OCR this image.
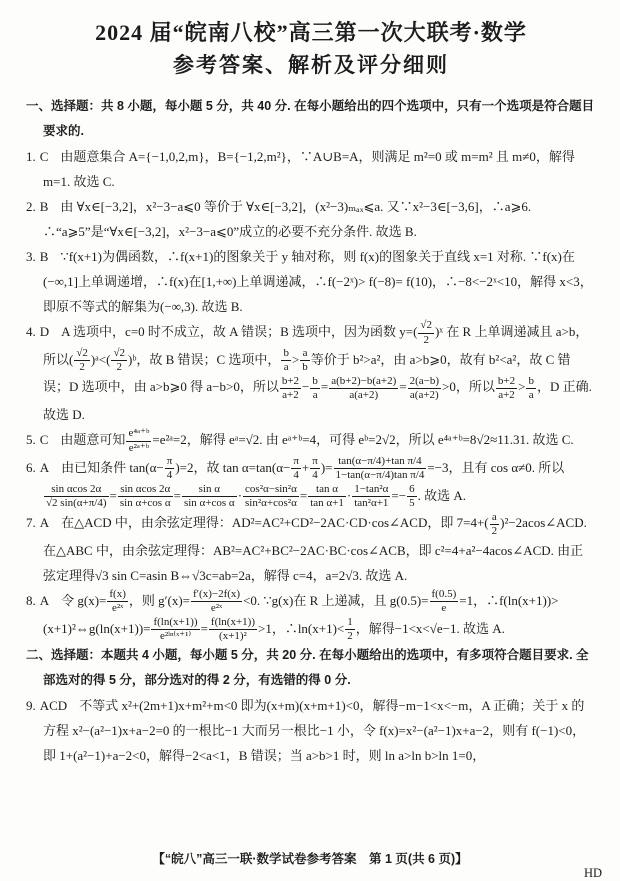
2024 届“皖南八校”高三第一次大联考·数学
参考答案、解析及评分细则
一、选择题：共 8 小题，每小题 5 分，共 40 分. 在每小题给出的四个选项中，只有一个选项是符合题目要求的.
1. C 由题意集合 A={−1,0,2,m}，B={−1,2,m²}，∵A∪B=A，则满足 m²=0 或 m=m² 且 m≠0，解得 m=1. 故选 C.
2. B 由 ∀x∈[−3,2]，x²−3−a⩽0 等价于 ∀x∈[−3,2]，(x²−3)ₘₐₓ⩽a. 又∵x²−3∈[−3,6]，∴a⩾6. ∴“a⩾5”是“∀x∈[−3,2]，x²−3−a⩽0”成立的必要不充分条件. 故选 B.
3. B ∵f(x+1)为偶函数，∴f(x+1)的图象关于 y 轴对称，则 f(x)的图象关于直线 x=1 对称. ∵f(x)在(−∞,1]上单调递增，∴f(x)在[1,+∞)上单调递减，∴f(−2ˣ)> f(−8)= f(10)，∴−8<−2ˣ<10，解得 x<3，即原不等式的解集为(−∞,3). 故选 B.
4. D A 选项中，c=0 时不成立，故 A 错误；B 选项中，因为函数 $y=( \frac{√2}{2}$ )ˣ 在 R 上单调递减且 a>b，所以( $\frac{√2}{2}$ )ᵃ<( $\frac{√2}{2}$ )ᵇ，故 B 错误；C 选项中， $\frac{b}{a} > \frac{a}{b}$ 等价于 b²>a²，由 a>b⩾0，故有 b²<a²，故 C 错误；D 选项中，由 a>b⩾0 得 a−b>0，所以 $\frac{b+2}{a+2} - \frac{b}{a} = \frac{a(b+2)-b(a+2)}{a(a+2)} = \frac{2(a-b)}{a(a+2)} >0$，所以 $\frac{b+2}{a+2} > \frac{b}{a}$ ，D 正确. 故选 D.
5. C 由题意可知 $\frac{\text{e⁴ᵃ⁺ᵇ}}{\text{e²ᵃ⁺ᵇ}}$ =e²ᵃ=2，解得 eᵃ=√2. 由 eᵃ⁺ᵇ=4，可得 eᵇ=2√2，所以 e⁴ᵃ⁺ᵇ=8√2≈11.31. 故选 C.
6. A 由已知条件 $\tan(\alpha- \frac{\pi}{4} )=2$，故 $\tan \alpha=\tan(\alpha- \frac{\pi}{4} + \frac{\pi}{4}$ )= $\frac{\text{tan(α−π/4)+tan π/4}}{\text{1−tan(α−π/4)tan π/4}} =-3$，且有 cos α≠0. 所以
$\frac{\text{sin αcos 2α}}{√2 \sin(\alpha+\pi/4)} = \frac{\text{sin αcos 2α}}{\text{sin α+cos α}} = \frac{\text{sin α}}{\text{sin α+cos α}} \cdot \frac{\text{cos²α−sin²α}}{\text{sin²α+cos²α}} = \frac{\text{tan α}}{\text{tan α+1}} \cdot \frac{\text{1−tan²α}}{\text{tan²α+1}} =- \frac{6}{5}$ . 故选 A.
7. A 在△ACD 中，由余弦定理得：AD²=AC²+CD²−2AC·CD·cos∠ACD，即 $7=4+( \frac{a}{2}$ )²−2acos∠ACD. 在△ABC 中，由余弦定理得：AB²=AC²+BC²−2AC·BC·cos∠ACB，即 c²=4+a²−4acos∠ACD. 由正弦定理得√3 sin C=asin B⇔√3c=ab=2a，解得 c=4，a=2√3. 故选 A.
8. A 令 $g(x)= \frac{f(x)}{\text{e²ˣ}}$ ，则 $g'(x)= \frac{f'(x)-2f(x)}{\text{e²ˣ}} <0$. ∵g(x)在 R 上递减，且 $g(0.5)= \frac{f(0.5)}{e} =1$，∴f(ln(x+1))>(x+1)²⇔g(ln(x+1))= $\frac{f(\ln(x+1))}{\text{e²ˡⁿ⁽ˣ⁺¹⁾}} = \frac{f(\ln(x+1))}{\text{(x+1)²}} >1$，∴ln(x+1)< $\frac{1}{2}$ ，解得−1<x<√e−1. 故选 A.
二、选择题：本题共 4 小题，每小题 5 分，共 20 分. 在每小题给出的选项中，有多项符合题目要求. 全部选对的得 5 分，部分选对的得 2 分，有选错的得 0 分.
9. ACD 不等式 x²+(2m+1)x+m²+m<0 即为(x+m)(x+m+1)<0，解得−m−1<x<−m，A 正确；关于 x 的方程 x²−(a²−1)x+a−2=0 的一根比−1 大而另一根比−1 小，令 f(x)=x²−(a²−1)x+a−2，则有 f(−1)<0，即 1+(a²−1)+a−2<0，解得−2<a<1，B 错误；当 a>b>1 时，则 ln a>ln b>ln 1=0，
【“皖八”高三一联·数学试卷参考答案　第 1 页(共 6 页)】
HD
